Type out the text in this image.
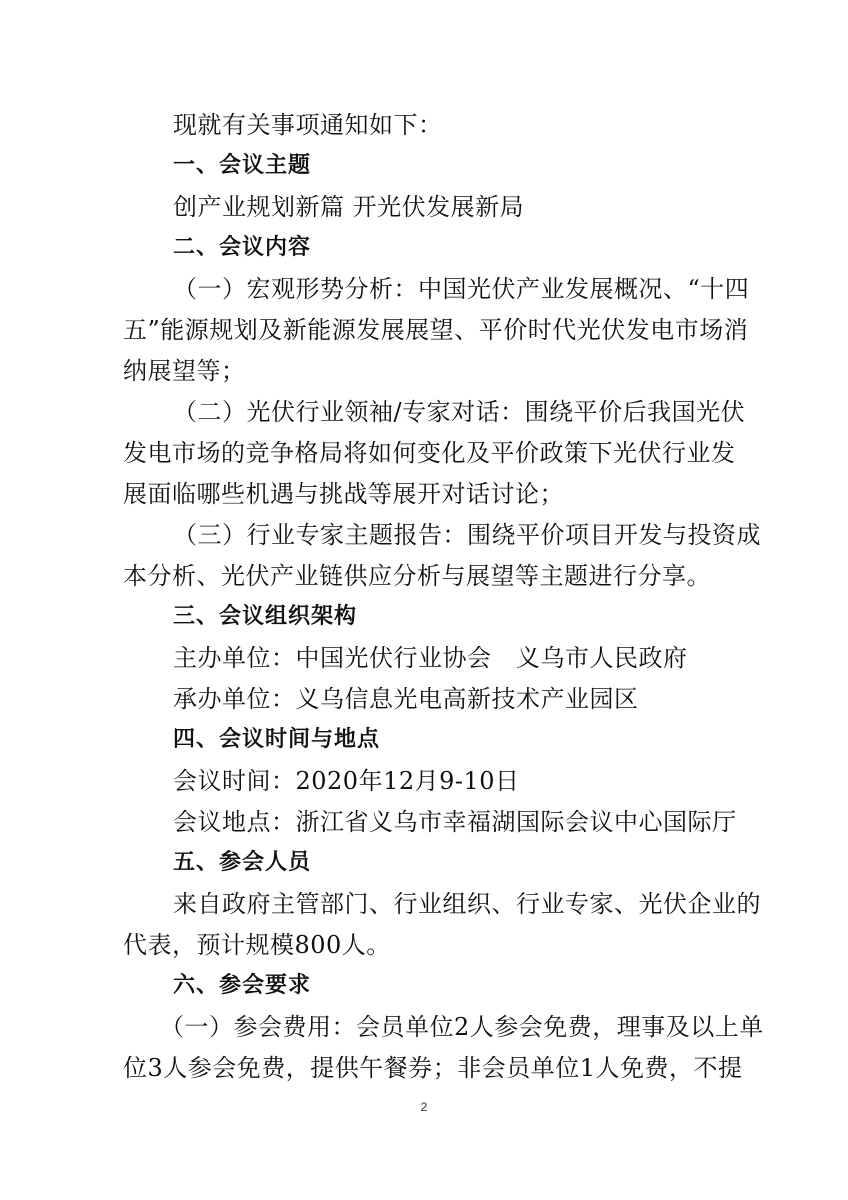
现就有关事项通知如下：
一、会议主题
创产业规划新篇 开光伏发展新局
二、会议内容
（一）宏观形势分析：中国光伏产业发展概况、“十四
五”能源规划及新能源发展展望、平价时代光伏发电市场消
纳展望等；
（二）光伏行业领袖/专家对话：围绕平价后我国光伏
发电市场的竞争格局将如何变化及平价政策下光伏行业发
展面临哪些机遇与挑战等展开对话讨论；
（三）行业专家主题报告：围绕平价项目开发与投资成
本分析、光伏产业链供应分析与展望等主题进行分享。
三、会议组织架构
主办单位：中国光伏行业协会　义乌市人民政府
承办单位：义乌信息光电高新技术产业园区
四、会议时间与地点
会议时间：2020年12月9-10日
会议地点：浙江省义乌市幸福湖国际会议中心国际厅
五、参会人员
来自政府主管部门、行业组织、行业专家、光伏企业的
代表，预计规模800人。
六、参会要求
（一）参会费用：会员单位2人参会免费，理事及以上单
位3人参会免费，提供午餐券；非会员单位1人免费，不提
2
